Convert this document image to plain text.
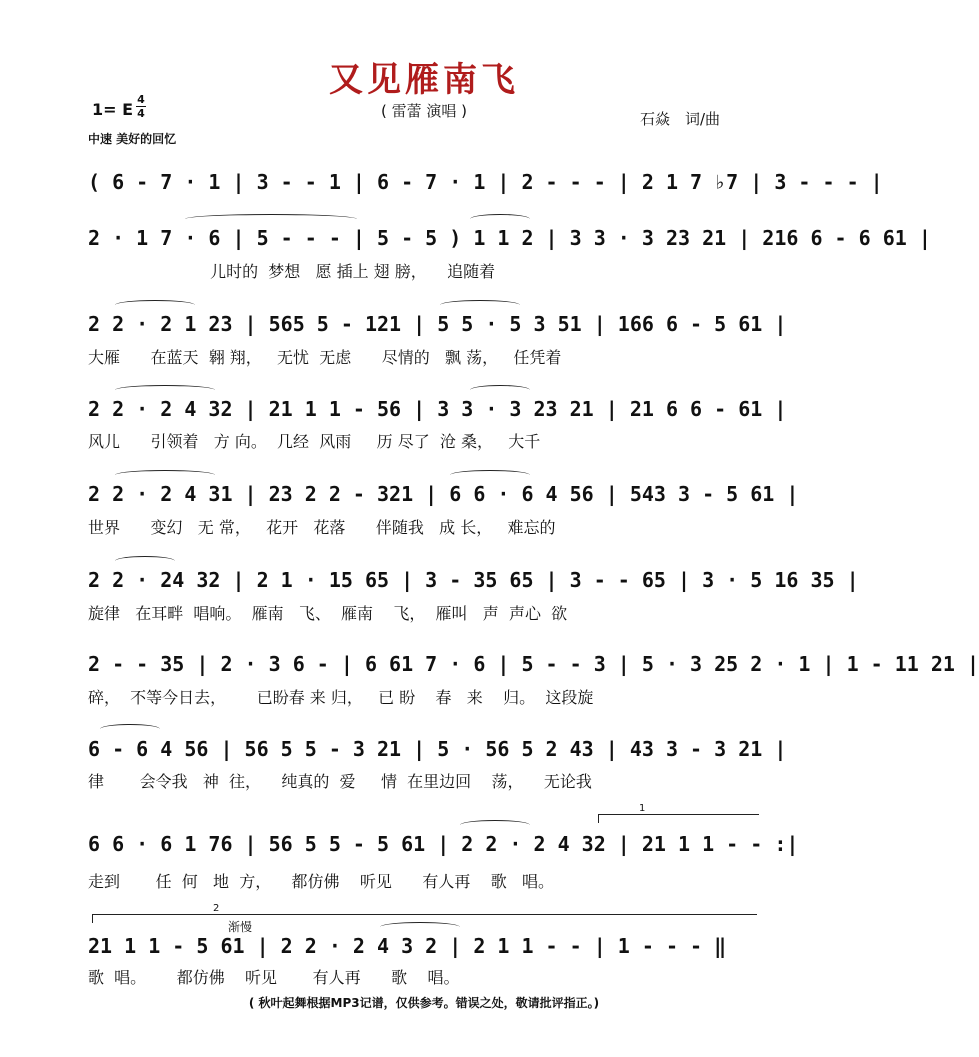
又见雁南飞
( 雷蕾 演唱 )
1= E
4
4	石焱　词/曲
中速 美好的回忆
( 6 - 7 · 1 | 3 - - 1 | 6 - 7 · 1 | 2 - - - | 2 1 7 ♭7 | 3 - - - |
2 · 1 7 · 6 | 5 - - - | 5 - 5 ) 1 1 2 | 3 3 · 3 23 21 | 216 6 - 6 61 |
儿时的  梦想   愿 插上 翅 膀，    追随着
2 2 · 2 1 23 | 565 5 - 121 | 5 5 · 5 3 51 | 166 6 - 5 61 |
大雁      在蓝天  翱 翔，   无忧  无虑      尽情的   飘 荡，   任凭着
2 2 · 2 4 32 | 21 1 1 - 56 | 3 3 · 3 23 21 | 21 6 6 - 61 |
风儿      引领着   方 向。  几经  风雨     历 尽了  沧 桑，   大千
2 2 · 2 4 31 | 23 2 2 - 321 | 6 6 · 6 4 56 | 543 3 - 5 61 |
世界      变幻   无 常，   花开   花落      伴随我   成 长，   难忘的
2 2 · 24 32 | 2 1 · 15 65 | 3 - 35 65 | 3 - - 65 | 3 · 5 16 35 |
旋律   在耳畔  唱响。  雁南   飞、  雁南    飞，  雁叫   声  声心  欲
2 - - 35 | 2 · 3 6 - | 6 61 7 · 6 | 5 - - 3 | 5 · 3 25 2 · 1 | 1 - 11 21 |
碎，  不等今日去，      已盼春 来 归，   已 盼    春   来    归。  这段旋
6 - 6 4 56 | 56 5 5 - 3 21 | 5 · 56 5 2 43 | 43 3 - 3 21 |
律       会令我   神  往，    纯真的  爱     情  在里边回    荡，    无论我
6 6 · 6 1 76 | 56 5 5 - 5 61 | 2 2 · 2 4 32 | 21 1 1 - - :|
走到       任  何   地  方，    都仿佛    听见      有人再    歌   唱。
渐慢
21 1 1 - 5 61 | 2 2 · 2 4 3 2 | 2 1 1 - - | 1 - - - ‖
歌  唱。      都仿佛    听见       有人再      歌    唱。
1
2
( 秋叶起舞根据MP3记谱，仅供参考。错误之处，敬请批评指正。)
